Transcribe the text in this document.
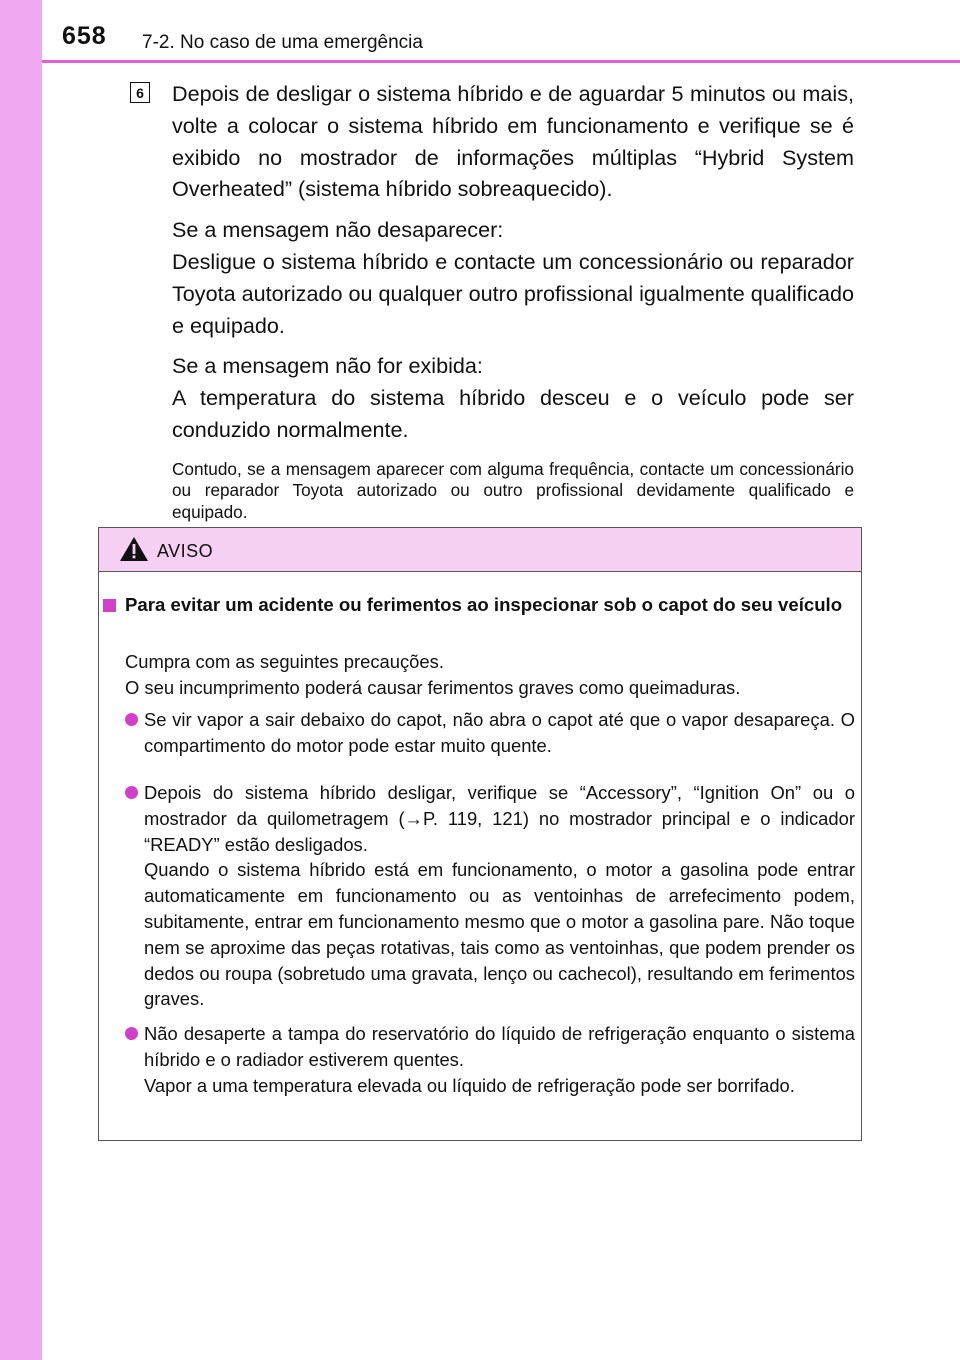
658 7-2. No caso de uma emergência
6 Depois de desligar o sistema híbrido e de aguardar 5 minutos ou mais, volte a colocar o sistema híbrido em funcionamento e verifique se é exibido no mostrador de informações múltiplas “Hybrid System Overheated” (sistema híbrido sobreaquecido).

Se a mensagem não desaparecer:

Desligue o sistema híbrido e contacte um concessionário ou reparador Toyota autorizado ou qualquer outro profissional igualmente qualificado e equipado.

Se a mensagem não for exibida:

A temperatura do sistema híbrido desceu e o veículo pode ser conduzido normalmente.

Contudo, se a mensagem aparecer com alguma frequência, contacte um concessionário ou reparador Toyota autorizado ou outro profissional devidamente qualificado e equipado.

AVISO
Para evitar um acidente ou ferimentos ao inspecionar sob o capot do seu veículo

Cumpra com as seguintes precauções.

O seu incumprimento poderá causar ferimentos graves como queimaduras.

Se vir vapor a sair debaixo do capot, não abra o capot até que o vapor desapareça. O compartimento do motor pode estar muito quente.

Depois do sistema híbrido desligar, verifique se “Accessory”, “Ignition On” ou o mostrador da quilometragem (→P. 119, 121) no mostrador principal e o indicador “READY” estão desligados.

Quando o sistema híbrido está em funcionamento, o motor a gasolina pode entrar automaticamente em funcionamento ou as ventoinhas de arrefecimento podem, subitamente, entrar em funcionamento mesmo que o motor a gasolina pare. Não toque nem se aproxime das peças rotativas, tais como as ventoinhas, que podem prender os dedos ou roupa (sobretudo uma gravata, lenço ou cachecol), resultando em ferimentos graves.

Não desaperte a tampa do reservatório do líquido de refrigeração enquanto o sistema híbrido e o radiador estiverem quentes.

Vapor a uma temperatura elevada ou líquido de refrigeração pode ser borrifado.
